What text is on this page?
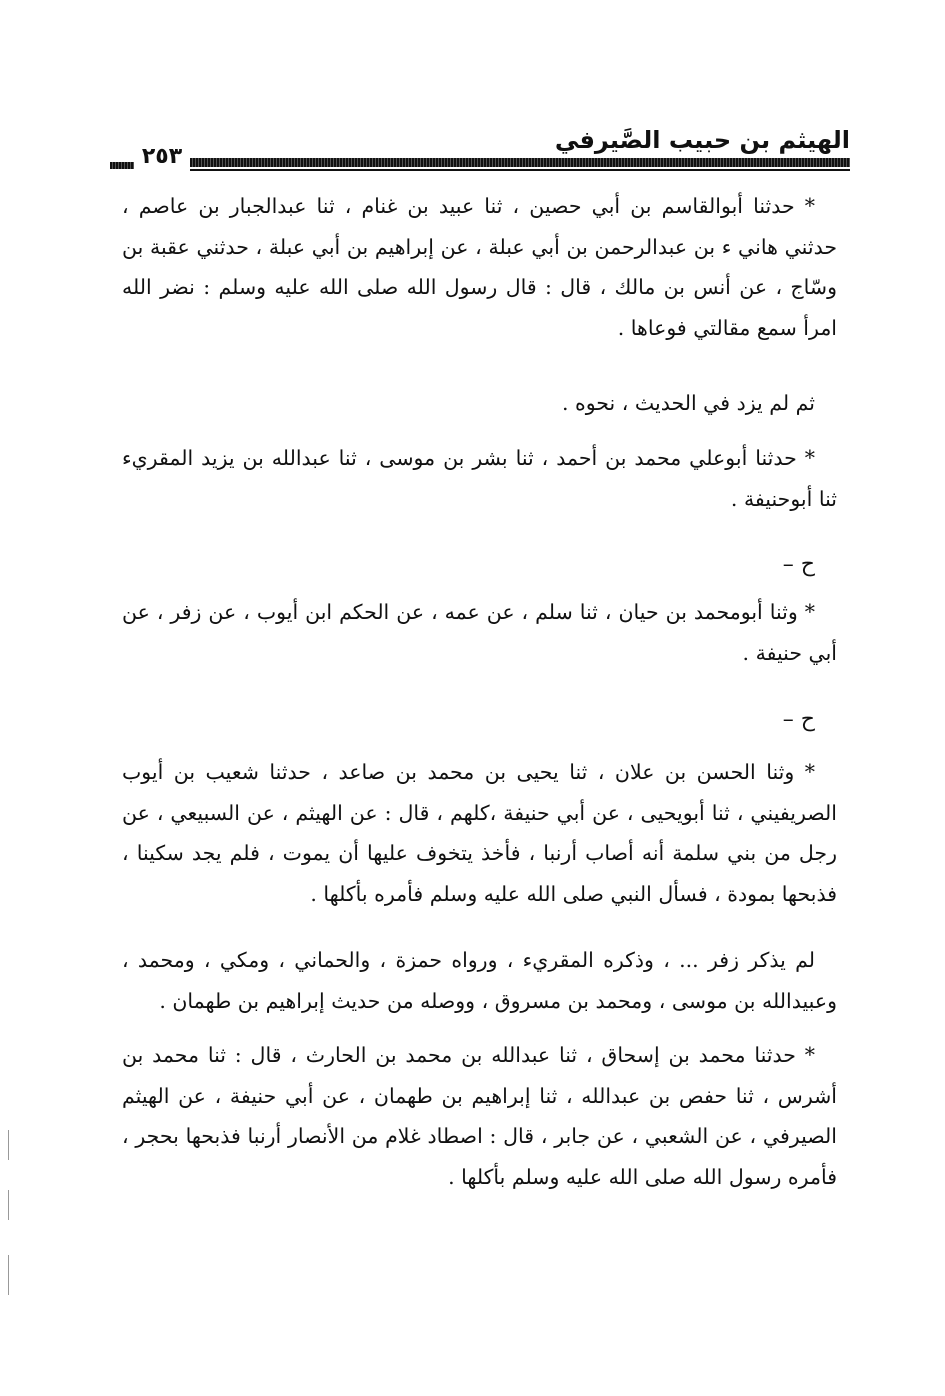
الهيثم بن حبيب الصَّيرفي
٢٥٣

* حدثنا أبوالقاسم بن أبي حصين ، ثنا عبيد بن غنام ، ثنا عبدالجبار بن عاصم ، حدثني هاني ء بن عبدالرحمن بن أبي عبلة ، عن إبراهيم بن أبي عبلة ، حدثني عقبة بن وسّاج ، عن أنس بن مالك ، قال : قال رسول الله صلى الله عليه وسلم : نضر الله امرأ سمع مقالتي فوعاها .

ثم لم يزد في الحديث ، نحوه .

* حدثنا أبوعلي محمد بن أحمد ، ثنا بشر بن موسى ، ثنا عبدالله بن يزيد المقريء ثنا أبوحنيفة .

ح –

* وثنا أبومحمد بن حيان ، ثنا سلم ، عن عمه ، عن الحكم ابن أيوب ، عن زفر ، عن أبي حنيفة .

ح –

* وثنا الحسن بن علان ، ثنا يحيى بن محمد بن صاعد ، حدثنا شعيب بن أيوب الصريفيني ، ثنا أبويحيى ، عن أبي حنيفة ،كلهم ، قال : عن الهيثم ، عن السبيعي ، عن رجل من بني سلمة أنه أصاب أرنبا ، فأخذ يتخوف عليها أن يموت ، فلم يجد سكينا ، فذبحها بمودة ، فسأل النبي صلى الله عليه وسلم فأمره بأكلها .

لم يذكر زفر ... ، وذكره المقريء ، ورواه حمزة ، والحماني ، ومكي ، ومحمد ، وعبيدالله بن موسى ، ومحمد بن مسروق ، ووصله من حديث إبراهيم بن طهمان .

* حدثنا محمد بن إسحاق ، ثنا عبدالله بن محمد بن الحارث ، قال : ثنا محمد بن أشرس ، ثنا حفص بن عبدالله ، ثنا إبراهيم بن طهمان ، عن أبي حنيفة ، عن الهيثم الصيرفي ، عن الشعبي ، عن جابر ، قال : اصطاد غلام من الأنصار أرنبا فذبحها بحجر ، فأمره رسول الله صلى الله عليه وسلم بأكلها .
